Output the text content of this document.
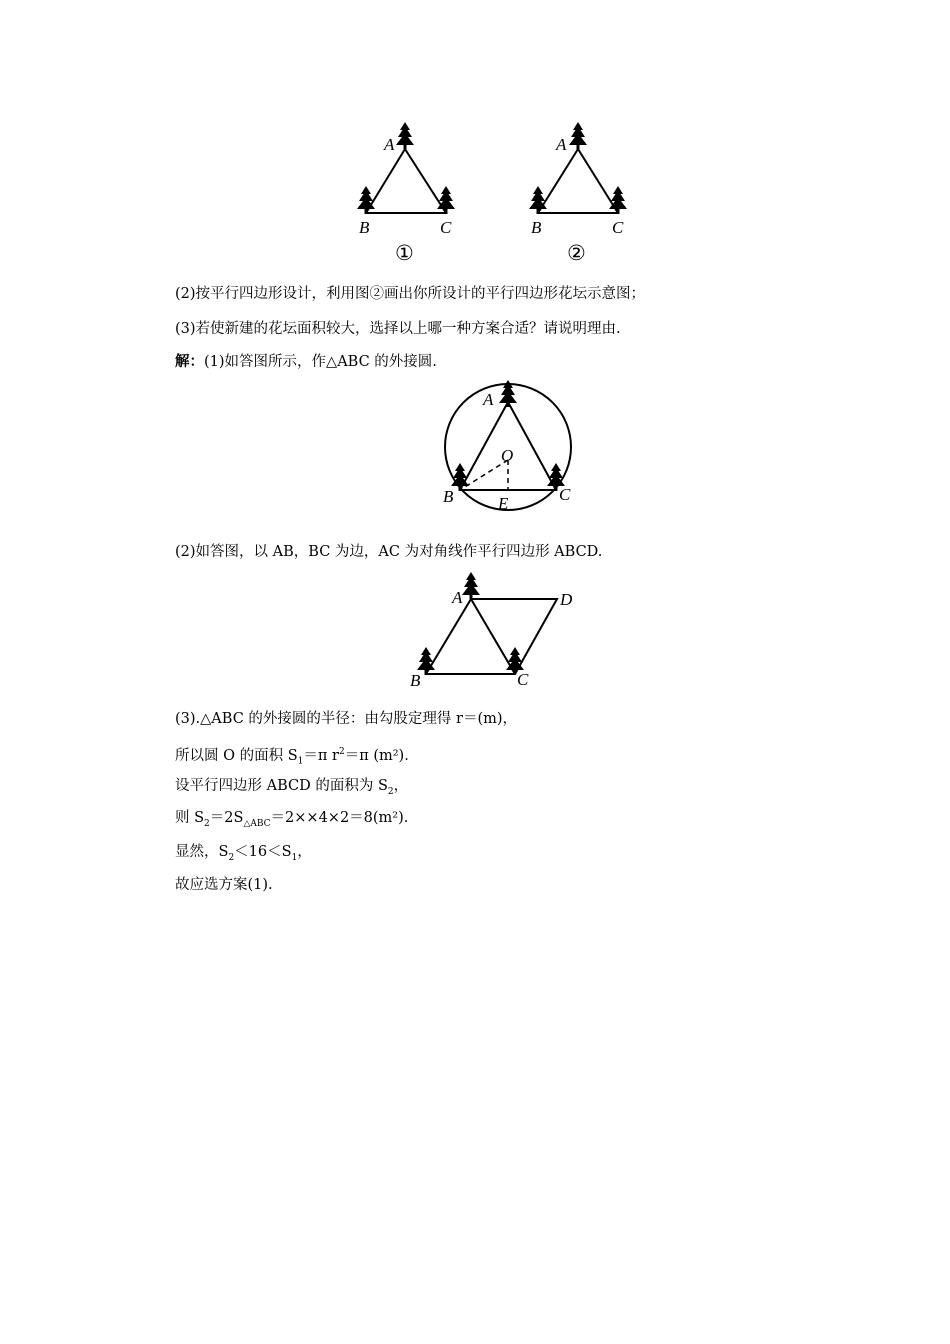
A
B	C
①
A
B	C
②
A
B	C
O
E
A	D
B	C
(2)按平行四边形设计，利用图②画出你所设计的平行四边形花坛示意图；
(3)若使新建的花坛面积较大，选择以上哪一种方案合适？请说明理由.
解：(1)如答图所示，作△ABC 的外接圆.
(2)如答图，以 AB，BC 为边，AC 为对角线作平行四边形 ABCD.
(3).△ABC 的外接圆的半径：由勾股定理得 r＝(m)，
所以圆 O 的面积 $S_1=\pi$ $r^2=\pi$ (m²).
设平行四边形 ABCD 的面积为 $S_2$，
则 $S_2=2S_{\triangle ABC}=2\times\times 4\times 2=8(m^2)$.
显然，$S_2<16<S_1$，
故应选方案(1).
